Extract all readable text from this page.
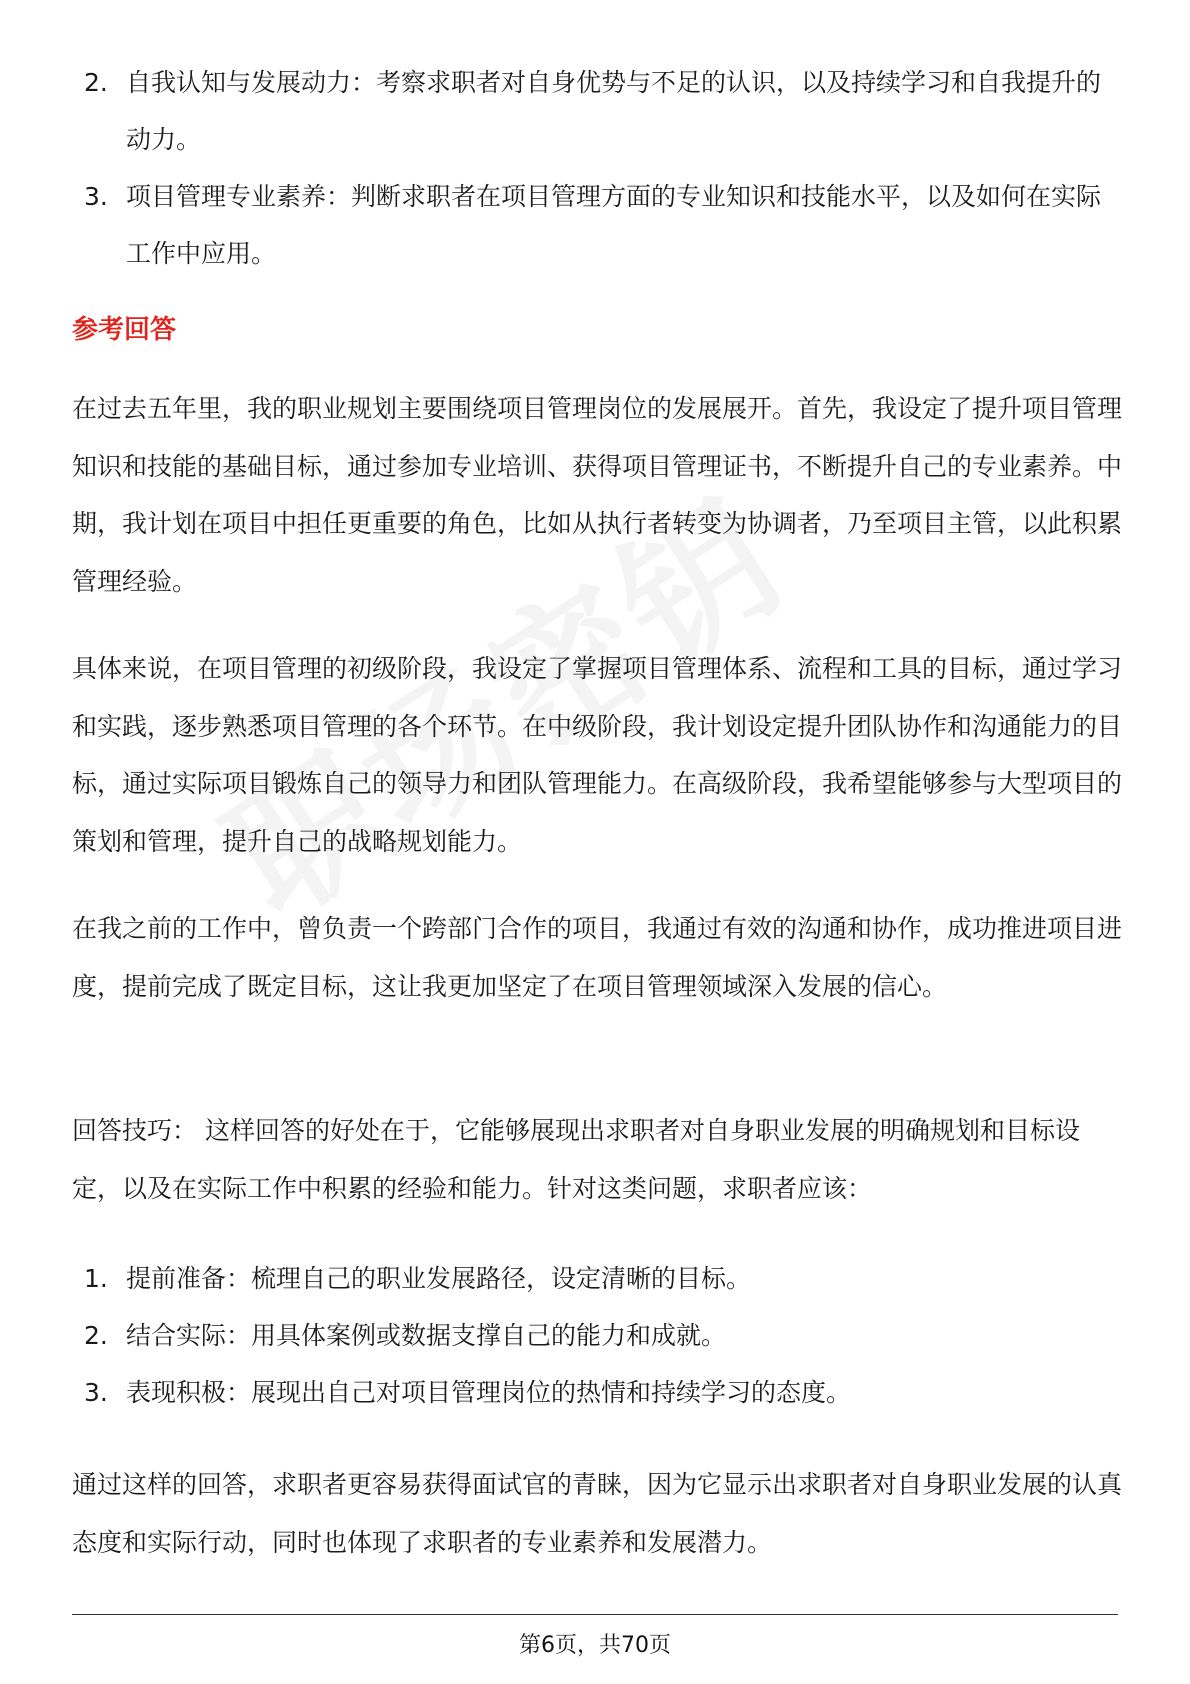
2. 自我认知与发展动力：考察求职者对自身优势与不足的认识，以及持续学习和自我提升的动力。
3. 项目管理专业素养：判断求职者在项目管理方面的专业知识和技能水平，以及如何在实际工作中应用。
参考回答

在过去五年里，我的职业规划主要围绕项目管理岗位的发展展开。首先，我设定了提升项目管理知识和技能的基础目标，通过参加专业培训、获得项目管理证书，不断提升自己的专业素养。中期，我计划在项目中担任更重要的角色，比如从执行者转变为协调者，乃至项目主管，以此积累管理经验。

具体来说，在项目管理的初级阶段，我设定了掌握项目管理体系、流程和工具的目标，通过学习和实践，逐步熟悉项目管理的各个环节。在中级阶段，我计划设定提升团队协作和沟通能力的目标，通过实际项目锻炼自己的领导力和团队管理能力。在高级阶段，我希望能够参与大型项目的策划和管理，提升自己的战略规划能力。

在我之前的工作中，曾负责一个跨部门合作的项目，我通过有效的沟通和协作，成功推进项目进度，提前完成了既定目标，这让我更加坚定了在项目管理领域深入发展的信心。

回答技巧： 这样回答的好处在于，它能够展现出求职者对自身职业发展的明确规划和目标设定，以及在实际工作中积累的经验和能力。针对这类问题，求职者应该：

1. 提前准备：梳理自己的职业发展路径，设定清晰的目标。
2. 结合实际：用具体案例或数据支撑自己的能力和成就。
3. 表现积极：展现出自己对项目管理岗位的热情和持续学习的态度。

通过这样的回答，求职者更容易获得面试官的青睐，因为它显示出求职者对自身职业发展的认真态度和实际行动，同时也体现了求职者的专业素养和发展潜力。

第6页，共70页
